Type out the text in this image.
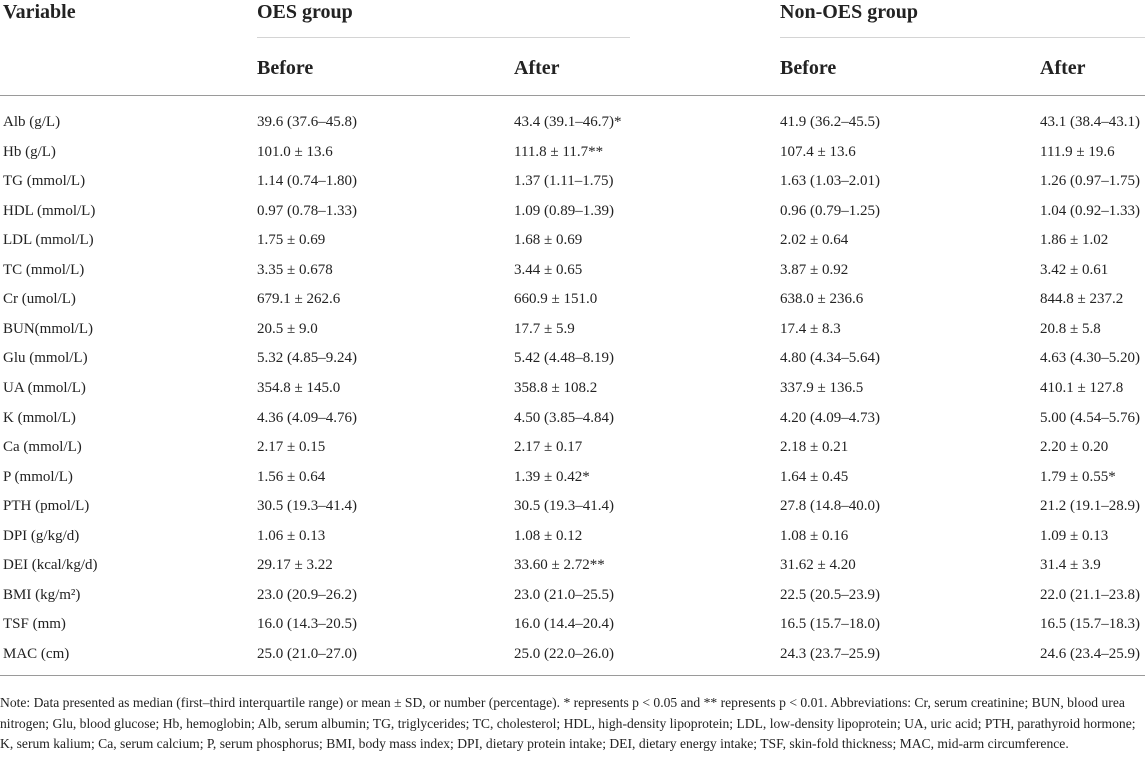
Variable	OES group	Non-OES group
Before	After	Before	After
Alb (g/L)	39.6 (37.6–45.8)	43.4 (39.1–46.7)*	41.9 (36.2–45.5)	43.1 (38.4–43.1)
Hb (g/L)	101.0 ± 13.6	111.8 ± 11.7**	107.4 ± 13.6	111.9 ± 19.6
TG (mmol/L)	1.14 (0.74–1.80)	1.37 (1.11–1.75)	1.63 (1.03–2.01)	1.26 (0.97–1.75)
HDL (mmol/L)	0.97 (0.78–1.33)	1.09 (0.89–1.39)	0.96 (0.79–1.25)	1.04 (0.92–1.33)
LDL (mmol/L)	1.75 ± 0.69	1.68 ± 0.69	2.02 ± 0.64	1.86 ± 1.02
TC (mmol/L)	3.35 ± 0.678	3.44 ± 0.65	3.87 ± 0.92	3.42 ± 0.61
Cr (umol/L)	679.1 ± 262.6	660.9 ± 151.0	638.0 ± 236.6	844.8 ± 237.2
BUN(mmol/L)	20.5 ± 9.0	17.7 ± 5.9	17.4 ± 8.3	20.8 ± 5.8
Glu (mmol/L)	5.32 (4.85–9.24)	5.42 (4.48–8.19)	4.80 (4.34–5.64)	4.63 (4.30–5.20)
UA (mmol/L)	354.8 ± 145.0	358.8 ± 108.2	337.9 ± 136.5	410.1 ± 127.8
K (mmol/L)	4.36 (4.09–4.76)	4.50 (3.85–4.84)	4.20 (4.09–4.73)	5.00 (4.54–5.76)
Ca (mmol/L)	2.17 ± 0.15	2.17 ± 0.17	2.18 ± 0.21	2.20 ± 0.20
P (mmol/L)	1.56 ± 0.64	1.39 ± 0.42*	1.64 ± 0.45	1.79 ± 0.55*
PTH (pmol/L)	30.5 (19.3–41.4)	30.5 (19.3–41.4)	27.8 (14.8–40.0)	21.2 (19.1–28.9)
DPI (g/kg/d)	1.06 ± 0.13	1.08 ± 0.12	1.08 ± 0.16	1.09 ± 0.13
DEI (kcal/kg/d)	29.17 ± 3.22	33.60 ± 2.72**	31.62 ± 4.20	31.4 ± 3.9
BMI (kg/m²)	23.0 (20.9–26.2)	23.0 (21.0–25.5)	22.5 (20.5–23.9)	22.0 (21.1–23.8)
TSF (mm)	16.0 (14.3–20.5)	16.0 (14.4–20.4)	16.5 (15.7–18.0)	16.5 (15.7–18.3)
MAC (cm)	25.0 (21.0–27.0)	25.0 (22.0–26.0)	24.3 (23.7–25.9)	24.6 (23.4–25.9)

Note: Data presented as median (first–third interquartile range) or mean ± SD, or number (percentage). * represents p < 0.05 and ** represents p < 0.01. Abbreviations: Cr, serum creatinine; BUN, blood urea nitrogen; Glu, blood glucose; Hb, hemoglobin; Alb, serum albumin; TG, triglycerides; TC, cholesterol; HDL, high-density lipoprotein; LDL, low-density lipoprotein; UA, uric acid; PTH, parathyroid hormone; K, serum kalium; Ca, serum calcium; P, serum phosphorus; BMI, body mass index; DPI, dietary protein intake; DEI, dietary energy intake; TSF, skin-fold thickness; MAC, mid-arm circumference.
